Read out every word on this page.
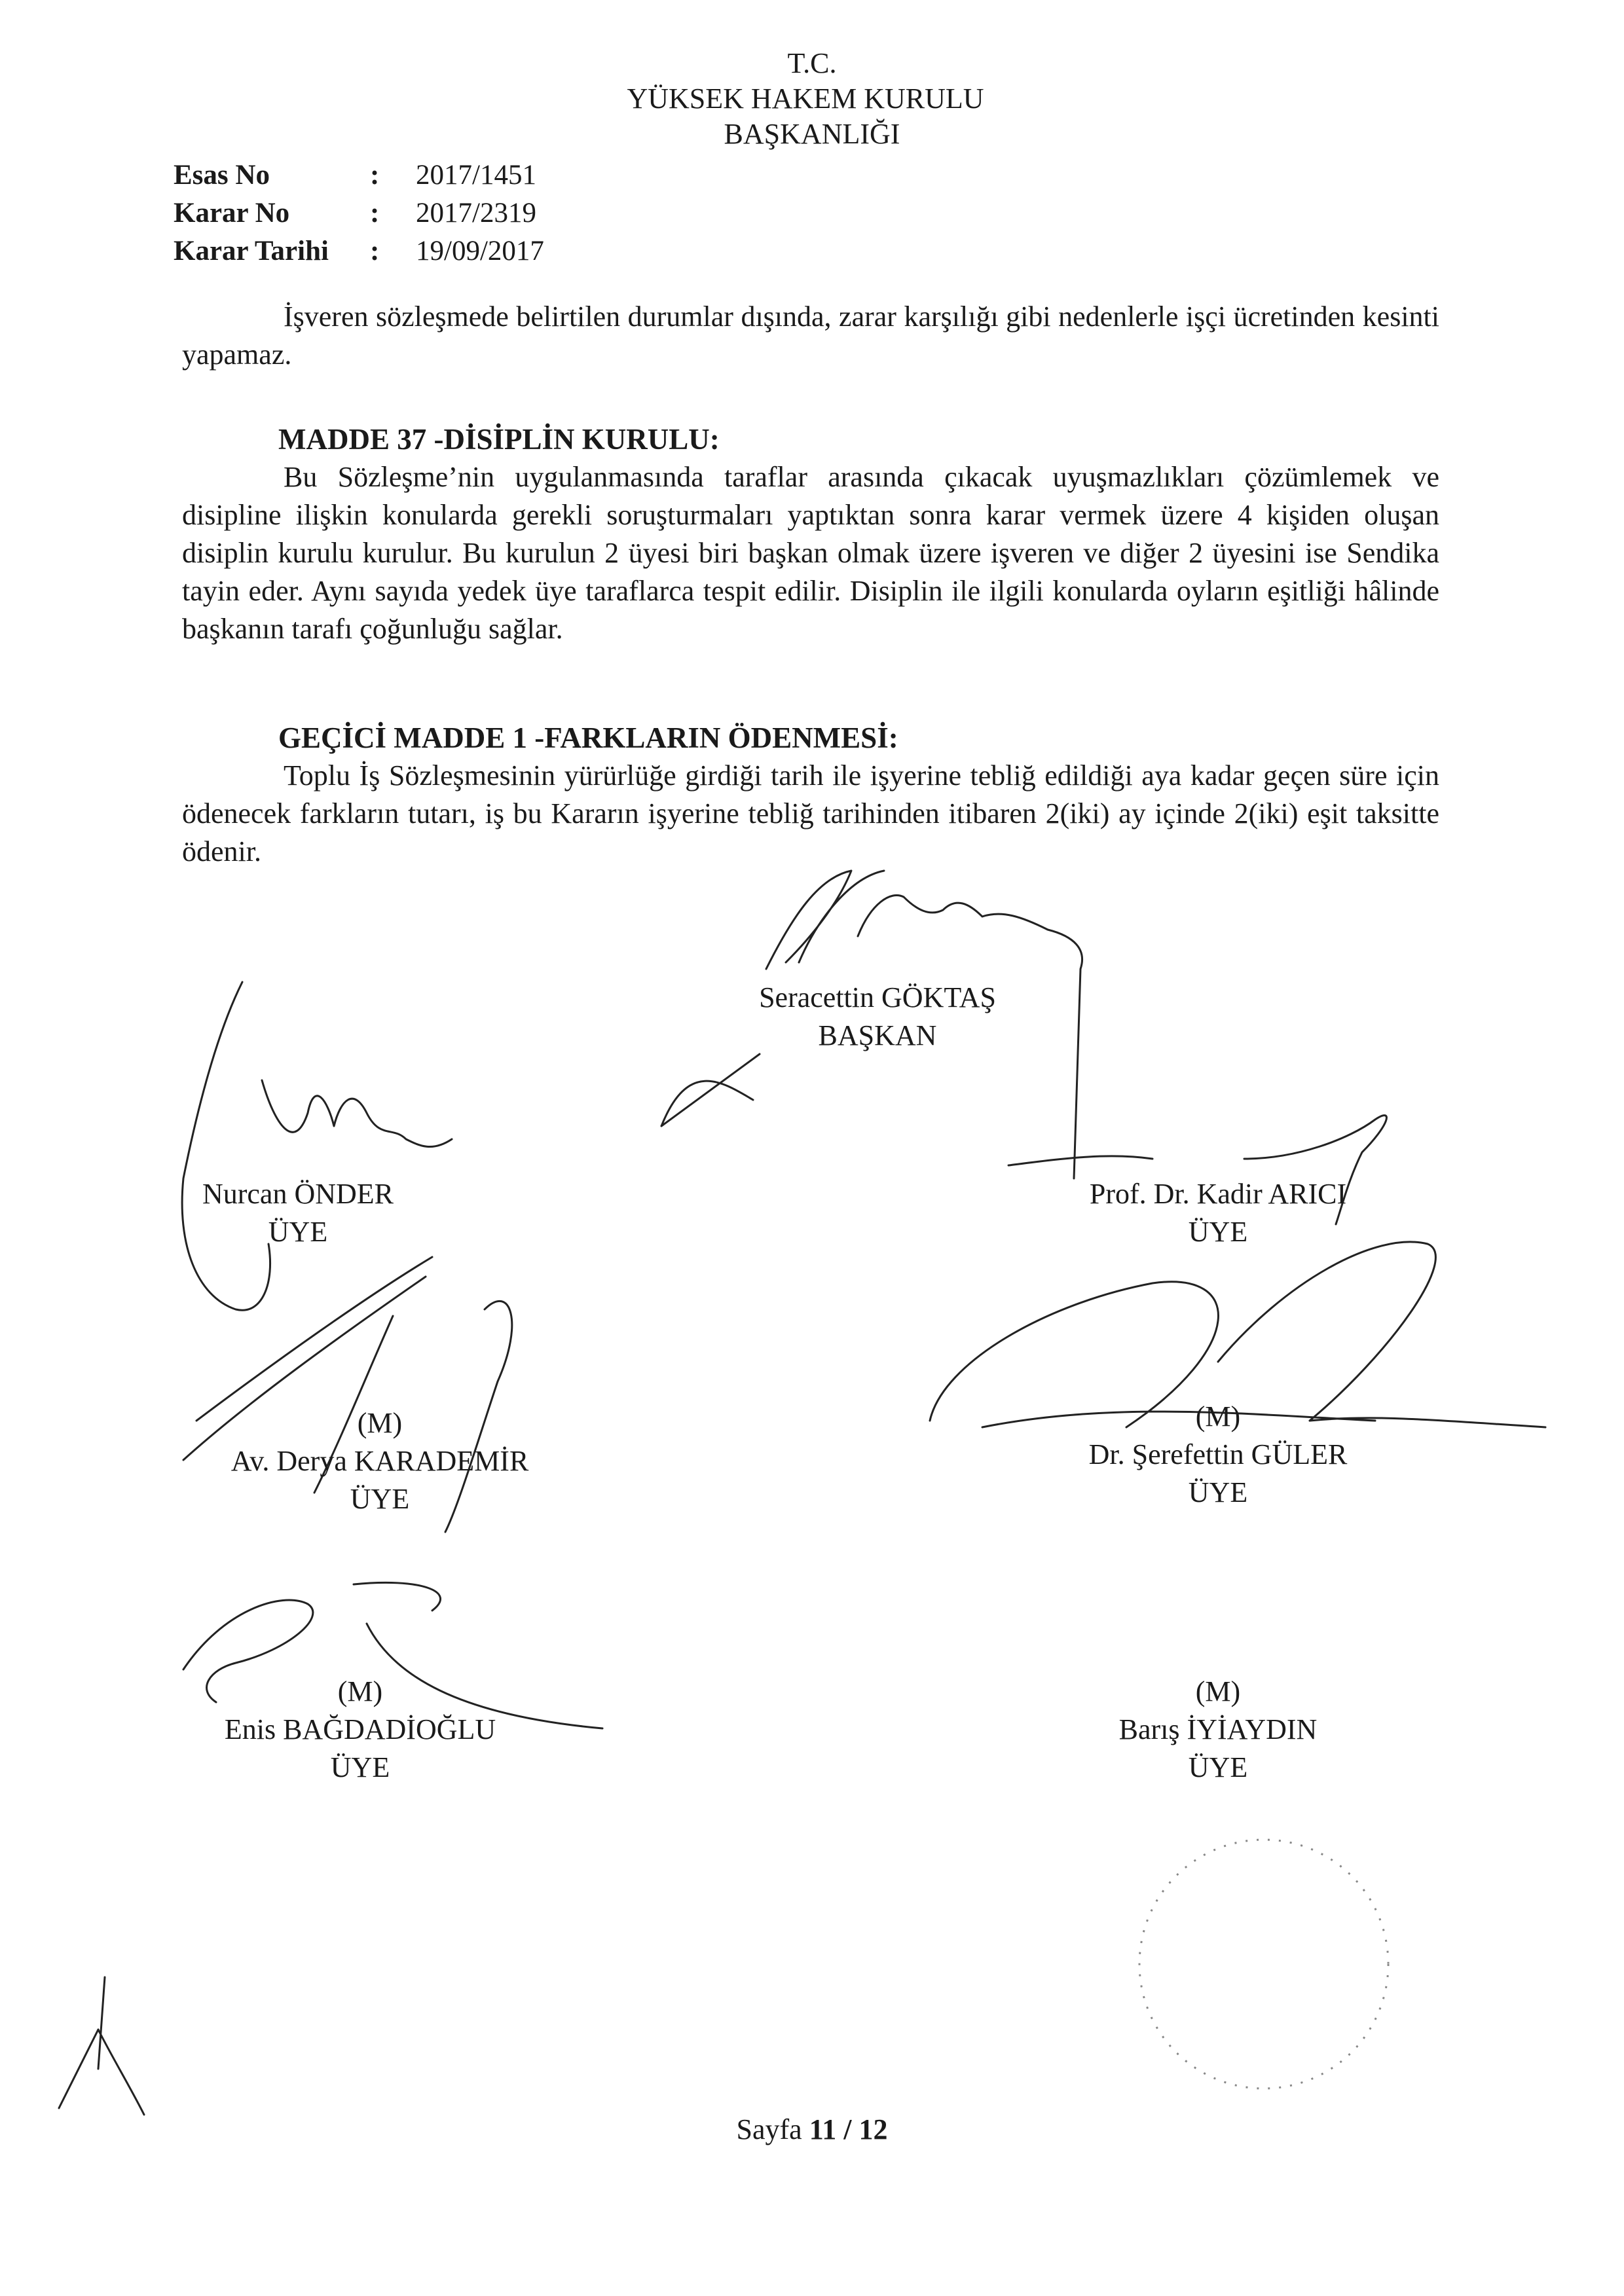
T.C.
YÜKSEK HAKEM KURULU
BAŞKANLIĞI
Esas No	: 2017/1451
Karar No	: 2017/2319
Karar Tarihi : 19/09/2017
İşveren sözleşmede belirtilen durumlar dışında, zarar karşılığı gibi nedenlerle işçi ücretinden kesinti yapamaz.
MADDE 37 -DİSİPLİN KURULU:
Bu Sözleşme’nin uygulanmasında taraflar arasında çıkacak uyuşmazlıkları çözümlemek ve disipline ilişkin konularda gerekli soruşturmaları yaptıktan sonra karar vermek üzere 4 kişiden oluşan disiplin kurulu kurulur. Bu kurulun 2 üyesi biri başkan olmak üzere işveren ve diğer 2 üyesini ise Sendika tayin eder. Aynı sayıda yedek üye taraflarca tespit edilir. Disiplin ile ilgili konularda oyların eşitliği hâlinde başkanın tarafı çoğunluğu sağlar.
GEÇİCİ MADDE 1 -FARKLARIN ÖDENMESİ:
Toplu İş Sözleşmesinin yürürlüğe girdiği tarih ile işyerine tebliğ edildiği aya kadar geçen süre için ödenecek farkların tutarı, iş bu Kararın işyerine tebliğ tarihinden itibaren 2(iki) ay içinde 2(iki) eşit taksitte ödenir.
Seracettin GÖKTAŞ
BAŞKAN
Nurcan ÖNDER
ÜYE
Prof. Dr. Kadir ARICI
ÜYE
(M)
Av. Derya KARADEMİR
ÜYE
(M)
Dr. Şerefettin GÜLER
ÜYE
(M)
Enis BAĞDADİOĞLU
ÜYE
(M)
Barış İYİAYDIN
ÜYE
Sayfa 11 / 12
